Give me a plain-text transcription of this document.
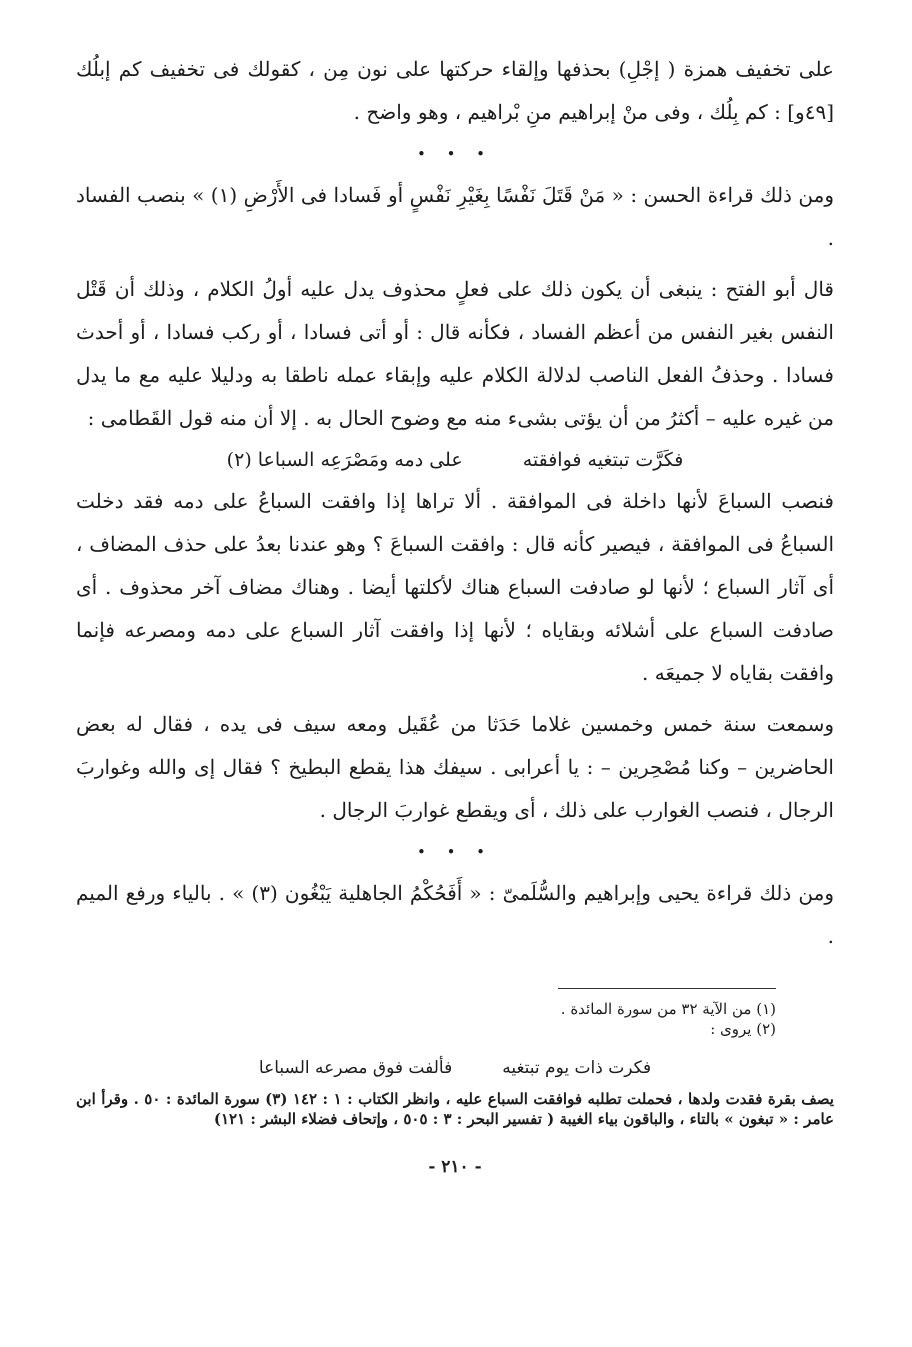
على تخفيف همزة ( إجْلِ) بحذفها وإلقاء حركتها على نون مِن ، كقولك فى تخفيف كم إبلُك [٤٩و] : كم بِلُك ، وفى منْ إبراهيم منِ بْراهيم ، وهو واضح .

• • •

ومن ذلك قراءة الحسن : « مَنْ قَتَلَ نَفْسًا بِغَيْرِ نَفْسٍ أو فَسادا فى الأَرْضِ (١) » بنصب الفساد .

قال أبو الفتح : ينبغى أن يكون ذلك على فعلٍ محذوف يدل عليه أولُ الكلام ، وذلك أن قَتْل النفس بغير النفس من أعظم الفساد ، فكأنه قال : أو أتى فسادا ، أو ركب فسادا ، أو أحدث فسادا . وحذفُ الفعل الناصب لدلالة الكلام عليه وإبقاء عمله ناطقا به ودليلا عليه مع ما يدل من غيره عليه – أكثرُ من أن يؤتى بشىء منه مع وضوح الحال به . إلا أن منه قول القَطامى :

فكَرَّت تبتغيه فوافقته
على دمه ومَصْرَعِه السباعا (٢)

فنصب السباعَ لأنها داخلة فى الموافقة . ألا تراها إذا وافقت السباعُ على دمه فقد دخلت السباعُ فى الموافقة ، فيصير كأنه قال : وافقت السباعَ ؟ وهو عندنا بعدُ على حذف المضاف ، أى آثار السباع ؛ لأنها لو صادفت السباع هناك لأكلتها أيضا . وهناك مضاف آخر محذوف . أى صادفت السباع على أشلائه وبقاياه ؛ لأنها إذا وافقت آثار السباع على دمه ومصرعه فإنما وافقت بقاياه لا جميعَه .

وسمعت سنة خمس وخمسين غلاما حَدَثا من عُقَيل ومعه سيف فى يده ، فقال له بعض الحاضرين – وكنا مُصْحِرين – : يا أعرابى . سيفك هذا يقطع البطيخ ؟ فقال إى والله وغواربَ الرجال ، فنصب الغوارب على ذلك ، أى ويقطع غواربَ الرجال .

• • •

ومن ذلك قراءة يحيى وإبراهيم والسُّلَمىّ : « أَفَحُكْمُ الجاهلية يَبْغُون (٣) » . بالياء ورفع الميم .

(١) من الآية ٣٢ من سورة المائدة .

(٢) يروى :

فكرت ذات يوم تبتغيه
فألفت فوق مصرعه السباعا

يصف بقرة فقدت ولدها ، فحملت تطلبه فوافقت السباع عليه ، وانظر الكتاب : ١ : ١٤٢ (٣) سورة المائدة : ٥٠ . وقرأ ابن عامر : « تبغون » بالتاء ، والباقون بياء الغيبة ( تفسير البحر : ٣ : ٥٠٥ ، وإتحاف فضلاء البشر : ١٢١)

- ٢١٠ -
